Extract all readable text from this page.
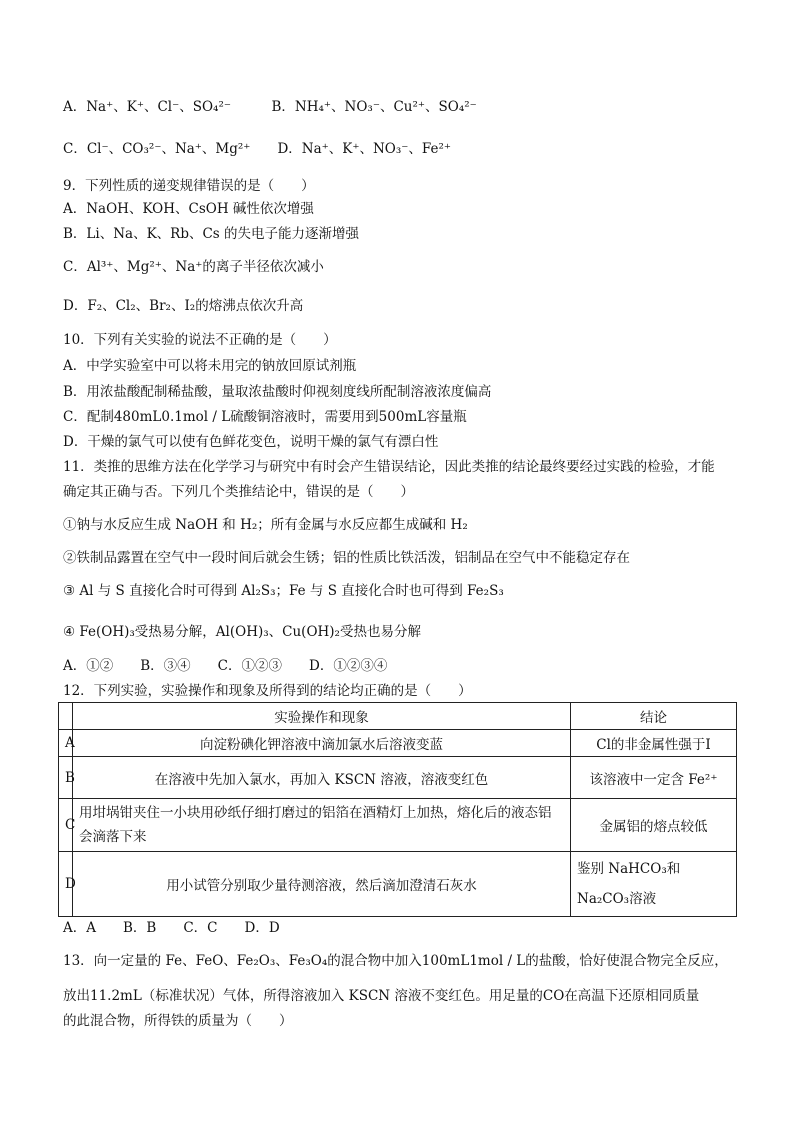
A．Na⁺、K⁺、Cl⁻、SO₄²⁻　　　B．NH₄⁺、NO₃⁻、Cu²⁺、SO₄²⁻
C．Cl⁻、CO₃²⁻、Na⁺、Mg²⁺　　D．Na⁺、K⁺、NO₃⁻、Fe²⁺
9．下列性质的递变规律错误的是（　　）
A．NaOH、KOH、CsOH 碱性依次增强
B．Li、Na、K、Rb、Cs 的失电子能力逐渐增强
C．Al³⁺、Mg²⁺、Na⁺的离子半径依次减小
D．F₂、Cl₂、Br₂、I₂的熔沸点依次升高
10．下列有关实验的说法不正确的是（　　）
A．中学实验室中可以将未用完的钠放回原试剂瓶
B．用浓盐酸配制稀盐酸，量取浓盐酸时仰视刻度线所配制溶液浓度偏高
C．配制480mL0.1mol / L硫酸铜溶液时，需要用到500mL容量瓶
D．干燥的氯气可以使有色鲜花变色，说明干燥的氯气有漂白性
11．类推的思维方法在化学学习与研究中有时会产生错误结论，因此类推的结论最终要经过实践的检验，才能
确定其正确与否。下列几个类推结论中，错误的是（　　）
①钠与水反应生成 NaOH 和 H₂；所有金属与水反应都生成碱和 H₂
②铁制品露置在空气中一段时间后就会生锈；铝的性质比铁活泼，铝制品在空气中不能稳定存在
③ Al 与 S 直接化合时可得到 Al₂S₃；Fe 与 S 直接化合时也可得到 Fe₂S₃
④ Fe(OH)₃受热易分解，Al(OH)₃、Cu(OH)₂受热也易分解
A．①②　　B．③④　　C．①②③　　D．①②③④
12．下列实验，实验操作和现象及所得到的结论均正确的是（　　）
	实验操作和现象	结论
A	向淀粉碘化钾溶液中滴加氯水后溶液变蓝	Cl的非金属性强于I
B	在溶液中先加入氯水，再加入 KSCN 溶液，溶液变红色	该溶液中一定含 Fe²⁺
C	用坩埚钳夹住一小块用砂纸仔细打磨过的铝箔在酒精灯上加热，熔化后的液态铝会滴落下来	金属铝的熔点较低
D	用小试管分别取少量待测溶液，然后滴加澄清石灰水	鉴别 NaHCO₃和 Na₂CO₃溶液
A．A　　B．B　　C．C　　D．D
13．向一定量的 Fe、FeO、Fe₂O₃、Fe₃O₄的混合物中加入100mL1mol / L的盐酸，恰好使混合物完全反应，
放出11.2mL（标准状况）气体，所得溶液加入 KSCN 溶液不变红色。用足量的CO在高温下还原相同质量
的此混合物，所得铁的质量为（　　）
